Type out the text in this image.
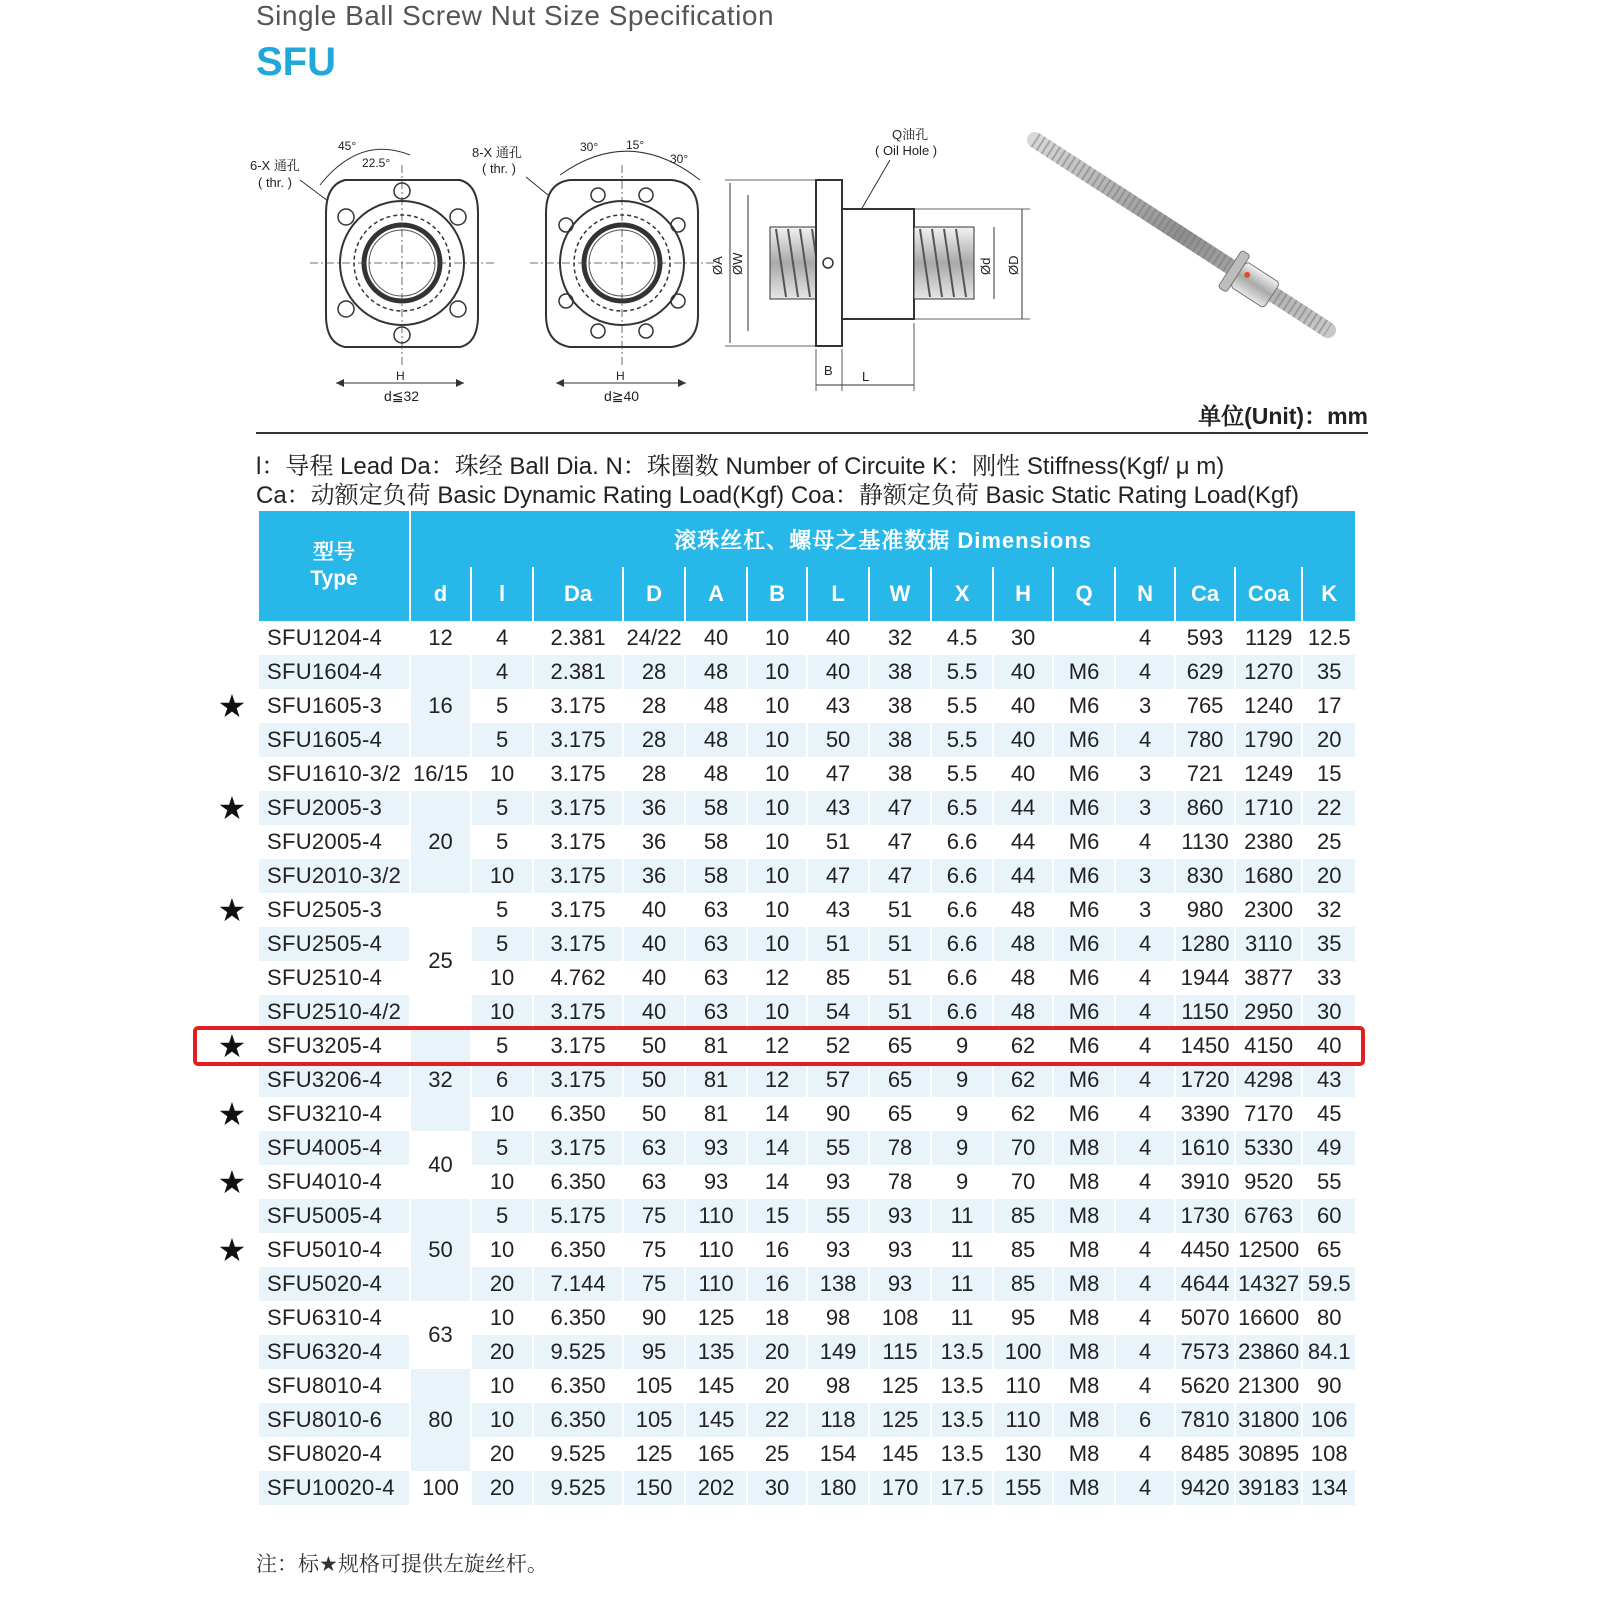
Single Ball Screw Nut Size Specification
SFU
6-X 通孔
( thr. )
45°
22.5°
H
d≦32
8-X 通孔
( thr. )
30° 15°
30°
H
d≧40
Q油孔
( Oil Hole )
ØA ØW	Ød ØD
B L
单位(Unit)：mm
l：导程 Lead Da：珠经 Ball Dia. N：珠圈数 Number of Circuite K：刚性 Stiffness(Kgf/ μ m)
Ca：动额定负荷 Basic Dynamic Rating Load(Kgf) Coa：静额定负荷 Basic Static Rating Load(Kgf)
★
★
★
★
★
★
★
型号
Type	滚珠丝杠、螺母之基准数据 Dimensions														
	d	l	Da	D	A	B	L	W	X	H	Q	N	Ca	Coa	K
SFU1204-4	12	4	2.381	24/22	40	10	40	32	4.5	30		4	593	1129	12.5
SFU1604-4	16	4	2.381	28	48	10	40	38	5.5	40	M6	4	629	1270	35
SFU1605-3		5	3.175	28	48	10	43	38	5.5	40	M6	3	765	1240	17
SFU1605-4		5	3.175	28	48	10	50	38	5.5	40	M6	4	780	1790	20
SFU1610-3/2	16/15	10	3.175	28	48	10	47	38	5.5	40	M6	3	721	1249	15
SFU2005-3	20	5	3.175	36	58	10	43	47	6.5	44	M6	3	860	1710	22
SFU2005-4		5	3.175	36	58	10	51	47	6.6	44	M6	4	1130	2380	25
SFU2010-3/2		10	3.175	36	58	10	47	47	6.6	44	M6	3	830	1680	20
SFU2505-3	25	5	3.175	40	63	10	43	51	6.6	48	M6	3	980	2300	32
SFU2505-4		5	3.175	40	63	10	51	51	6.6	48	M6	4	1280	3110	35
SFU2510-4		10	4.762	40	63	12	85	51	6.6	48	M6	4	1944	3877	33
SFU2510-4/2		10	3.175	40	63	10	54	51	6.6	48	M6	4	1150	2950	30
SFU3205-4	32	5	3.175	50	81	12	52	65	9	62	M6	4	1450	4150	40
SFU3206-4		6	3.175	50	81	12	57	65	9	62	M6	4	1720	4298	43
SFU3210-4		10	6.350	50	81	14	90	65	9	62	M6	4	3390	7170	45
SFU4005-4	40	5	3.175	63	93	14	55	78	9	70	M8	4	1610	5330	49
SFU4010-4		10	6.350	63	93	14	93	78	9	70	M8	4	3910	9520	55
SFU5005-4	50	5	5.175	75	110	15	55	93	11	85	M8	4	1730	6763	60
SFU5010-4		10	6.350	75	110	16	93	93	11	85	M8	4	4450	12500	65
SFU5020-4		20	7.144	75	110	16	138	93	11	85	M8	4	4644	14327	59.5
SFU6310-4	63	10	6.350	90	125	18	98	108	11	95	M8	4	5070	16600	80
SFU6320-4		20	9.525	95	135	20	149	115	13.5	100	M8	4	7573	23860	84.1
SFU8010-4	80	10	6.350	105	145	20	98	125	13.5	110	M8	4	5620	21300	90
SFU8010-6		10	6.350	105	145	22	118	125	13.5	110	M8	6	7810	31800	106
SFU8020-4		20	9.525	125	165	25	154	145	13.5	130	M8	4	8485	30895	108
SFU10020-4	100	20	9.525	150	202	30	180	170	17.5	155	M8	4	9420	39183	134
注：标★规格可提供左旋丝杆。
